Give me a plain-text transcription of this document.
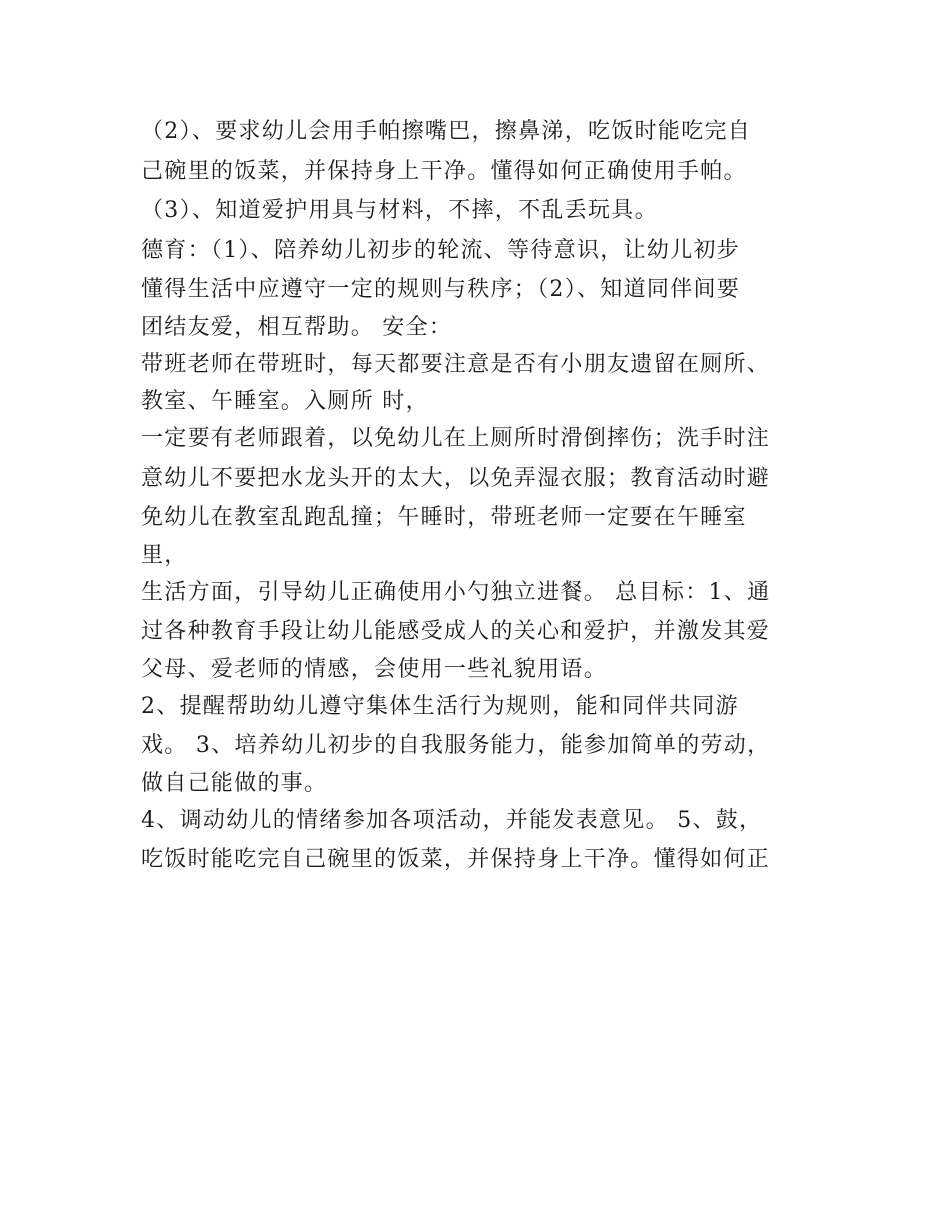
（2）、要求幼儿会用手帕擦嘴巴，擦鼻涕，吃饭时能吃完自
己碗里的饭菜，并保持身上干净。懂得如何正确使用手帕。
（3）、知道爱护用具与材料，不摔，不乱丢玩具。
德育：（1）、陪养幼儿初步的轮流、等待意识，让幼儿初步
懂得生活中应遵守一定的规则与秩序；（2）、知道同伴间要
团结友爱，相互帮助。 安全：
带班老师在带班时，每天都要注意是否有小朋友遗留在厕所、
教室、午睡室。入厕所 时，
一定要有老师跟着，以免幼儿在上厕所时滑倒摔伤；洗手时注
意幼儿不要把水龙头开的太大，以免弄湿衣服；教育活动时避
免幼儿在教室乱跑乱撞；午睡时，带班老师一定要在午睡室
里，
生活方面，引导幼儿正确使用小勺独立进餐。 总目标：1、通
过各种教育手段让幼儿能感受成人的关心和爱护，并激发其爱
父母、爱老师的情感，会使用一些礼貌用语。
2、提醒帮助幼儿遵守集体生活行为规则，能和同伴共同游
戏。 3、培养幼儿初步的自我服务能力，能参加简单的劳动，
做自己能做的事。
4、调动幼儿的情绪参加各项活动，并能发表意见。 5、鼓，
吃饭时能吃完自己碗里的饭菜，并保持身上干净。懂得如何正
